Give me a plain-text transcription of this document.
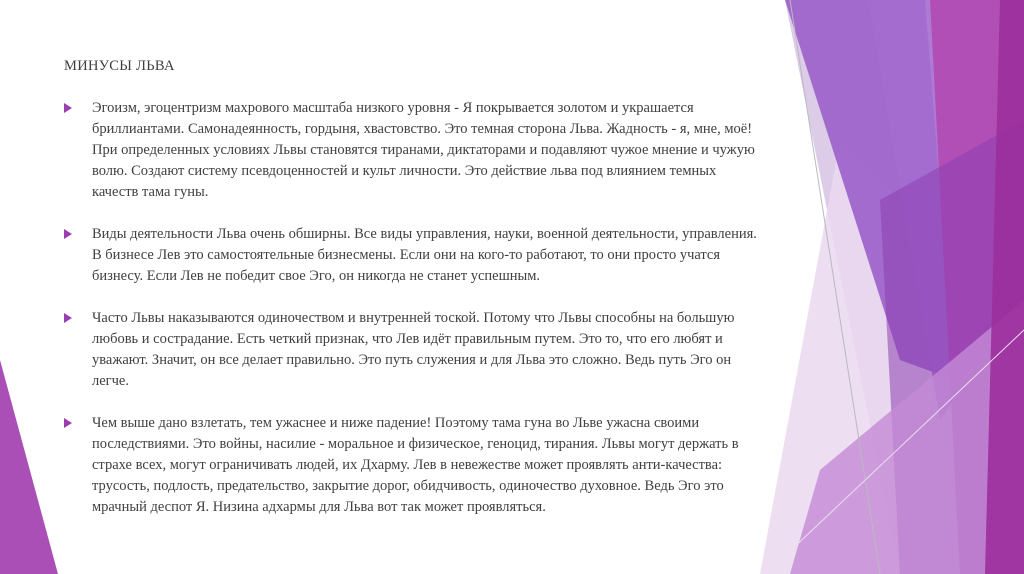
МИНУСЫ ЛЬВА
Эгоизм, эгоцентризм махрового масштаба низкого уровня - Я покрывается золотом и украшается бриллиантами. Самонадеянность, гордыня, хвастовство. Это темная сторона Льва. Жадность - я, мне, моё! При определенных условиях Львы становятся тиранами, диктаторами и подавляют чужое мнение и чужую волю. Создают систему псевдоценностей и культ личности. Это действие льва под влиянием темных качеств тама гуны.
Виды деятельности Льва очень обширны. Все виды управления, науки, военной деятельности, управления. В бизнесе Лев это самостоятельные бизнесмены. Если они на кого-то работают, то они просто учатся бизнесу. Если Лев не победит свое Эго, он никогда не станет успешным.
Часто Львы наказываются одиночеством и внутренней тоской. Потому что Львы способны на большую любовь и сострадание. Есть четкий признак, что Лев идёт правильным путем. Это то, что его любят и уважают. Значит, он все делает правильно. Это путь служения и для Льва это сложно. Ведь путь Эго он легче.
Чем выше дано взлетать, тем ужаснее и ниже падение! Поэтому тама гуна во Льве ужасна своими последствиями. Это войны, насилие - моральное и физическое, геноцид, тирания. Львы могут держать в страхе всех, могут ограничивать людей, их Дхарму. Лев в невежестве может проявлять анти-качества: трусость, подлость, предательство, закрытие дорог, обидчивость, одиночество духовное. Ведь Эго это мрачный деспот Я. Низина адхармы для Льва вот так может проявляться.
